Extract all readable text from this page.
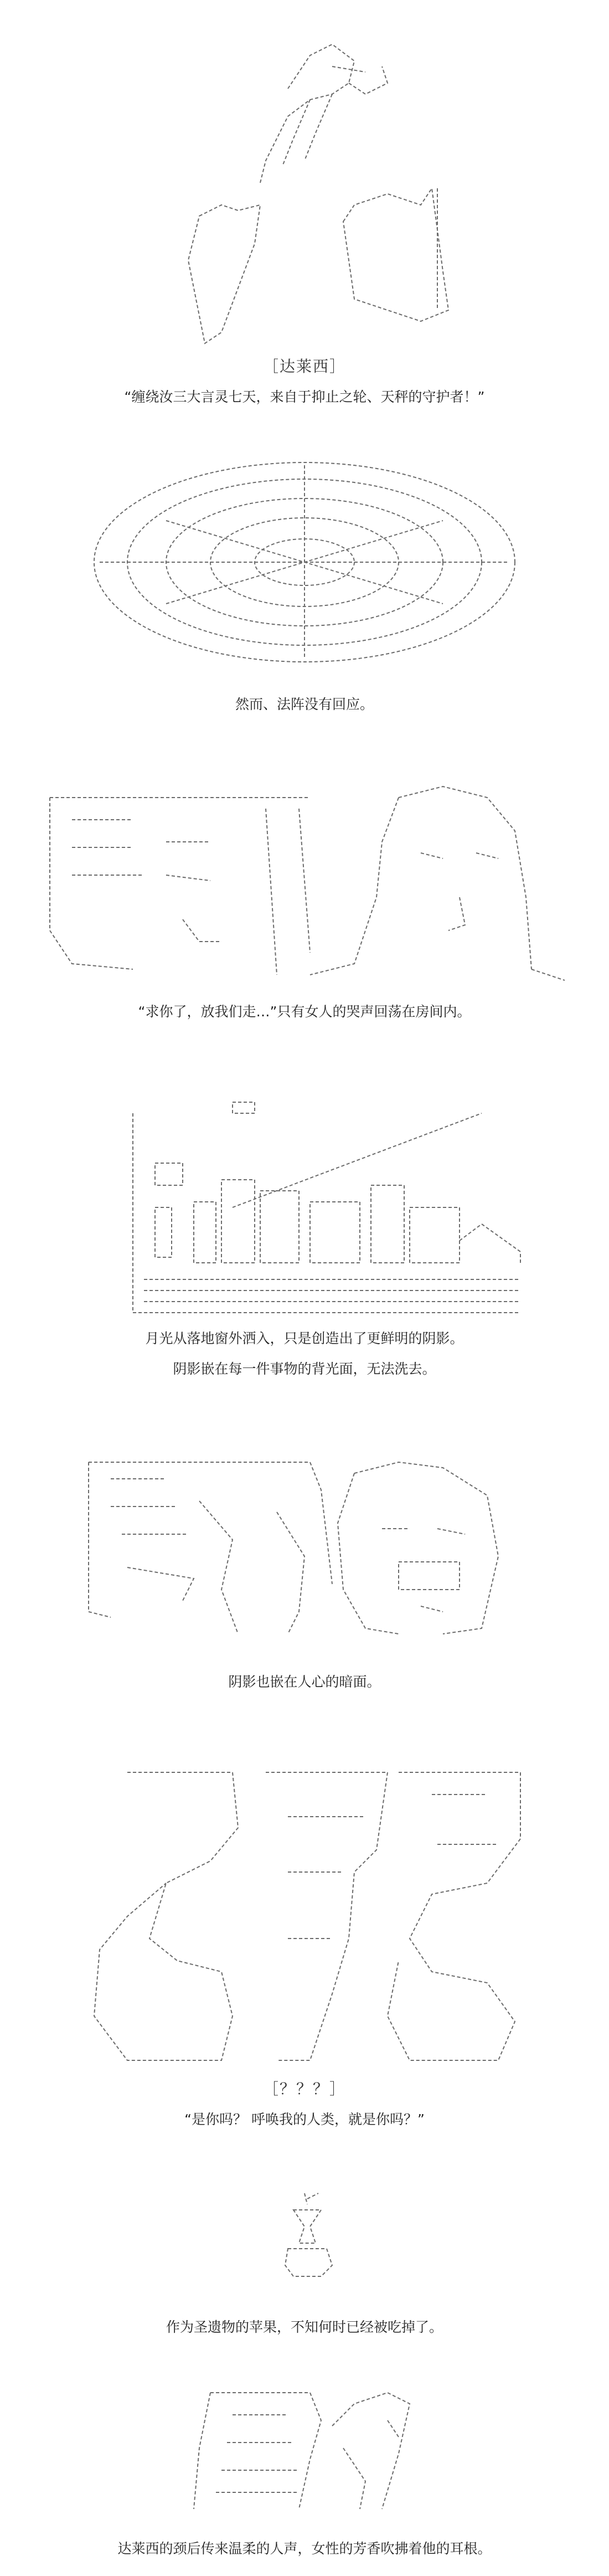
［达莱西］
“缠绕汝三大言灵七天，来自于抑止之轮、天秤的守护者！”
然而、法阵没有回应。
“求你了，放我们走…”只有女人的哭声回荡在房间内。
月光从落地窗外洒入，只是创造出了更鲜明的阴影。
阴影嵌在每一件事物的背光面，无法洗去。
阴影也嵌在人心的暗面。
［？？？］
“是你吗？ 呼唤我的人类，就是你吗？”
作为圣遗物的苹果，不知何时已经被吃掉了。
达莱西的颈后传来温柔的人声，女性的芳香吹拂着他的耳根。
